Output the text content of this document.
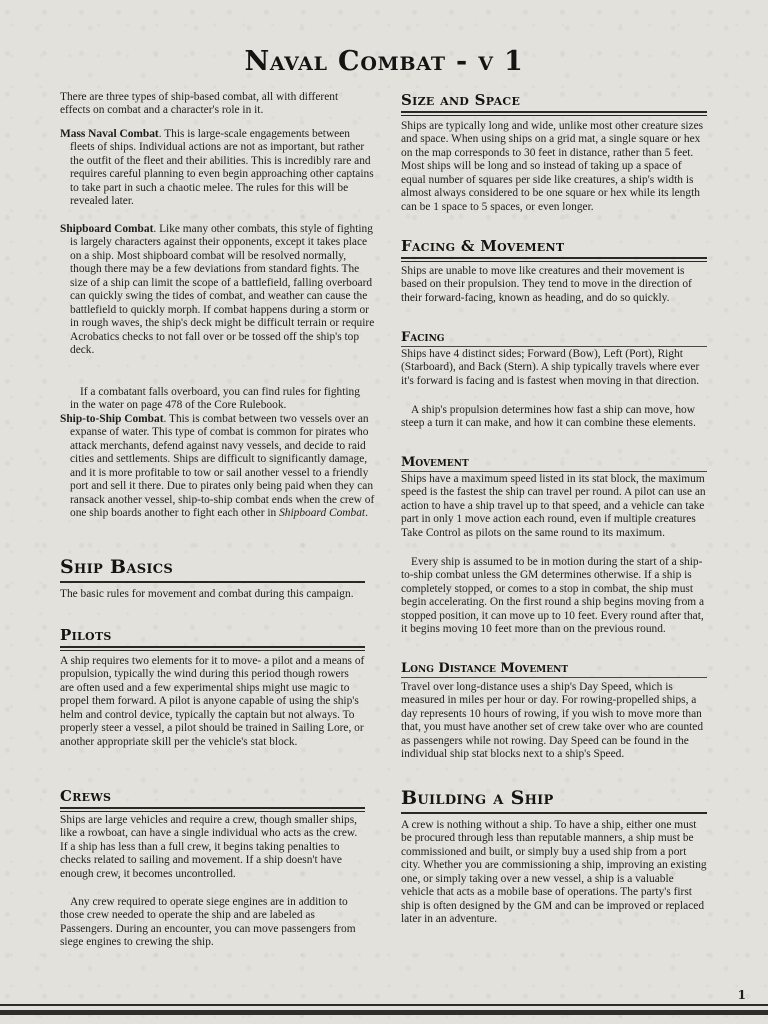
Naval Combat - v 1

There are three types of ship-based combat, all with different effects on combat and a character's role in it.

Mass Naval Combat. This is large-scale engagements between fleets of ships. Individual actions are not as important, but rather the outfit of the fleet and their abilities. This is incredibly rare and requires careful planning to even begin approaching other captains to take part in such a chaotic melee. The rules for this will be revealed later.
Shipboard Combat. Like many other combats, this style of fighting is largely characters against their opponents, except it takes place on a ship. Most shipboard combat will be resolved normally, though there may be a few deviations from standard fights. The size of a ship can limit the scope of a battlefield, falling overboard can quickly swing the tides of combat, and weather can cause the battlefield to quickly morph. If combat happens during a storm or in rough waves, the ship's deck might be difficult terrain or require Acrobatics checks to not fall over or be tossed off the ship's top deck.
If a combatant falls overboard, you can find rules for fighting in the water on page 478 of the Core Rulebook.
Ship-to-Ship Combat. This is combat between two vessels over an expanse of water. This type of combat is common for pirates who attack merchants, defend against navy vessels, and decide to raid cities and settlements. Ships are difficult to significantly damage, and it is more profitable to tow or sail another vessel to a friendly port and sell it there. Due to pirates only being paid when they can ransack another vessel, ship-to-ship combat ends when the crew of one ship boards another to fight each other in Shipboard Combat.
Ship Basics

The basic rules for movement and combat during this campaign.

Pilots

A ship requires two elements for it to move- a pilot and a means of propulsion, typically the wind during this period though rowers are often used and a few experimental ships might use magic to propel them forward. A pilot is anyone capable of using the ship's helm and control device, typically the captain but not always. To properly steer a vessel, a pilot should be trained in Sailing Lore, or another appropriate skill per the vehicle's stat block.

Crews

Ships are large vehicles and require a crew, though smaller ships, like a rowboat, can have a single individual who acts as the crew. If a ship has less than a full crew, it begins taking penalties to checks related to sailing and movement. If a ship doesn't have enough crew, it becomes uncontrolled.

Any crew required to operate siege engines are in addition to those crew needed to operate the ship and are labeled as Passengers. During an encounter, you can move passengers from siege engines to crewing the ship.

Size and Space

Ships are typically long and wide, unlike most other creature sizes and space. When using ships on a grid mat, a single square or hex on the map corresponds to 30 feet in distance, rather than 5 feet. Most ships will be long and so instead of taking up a space of equal number of squares per side like creatures, a ship's width is almost always considered to be one square or hex while its length can be 1 space to 5 spaces, or even longer.

Facing & Movement

Ships are unable to move like creatures and their movement is based on their propulsion. They tend to move in the direction of their forward-facing, known as heading, and do so quickly.

Facing

Ships have 4 distinct sides; Forward (Bow), Left (Port), Right (Starboard), and Back (Stern). A ship typically travels where ever it's forward is facing and is fastest when moving in that direction.

A ship's propulsion determines how fast a ship can move, how steep a turn it can make, and how it can combine these elements.

Movement

Ships have a maximum speed listed in its stat block, the maximum speed is the fastest the ship can travel per round. A pilot can use an action to have a ship travel up to that speed, and a vehicle can take part in only 1 move action each round, even if multiple creatures Take Control as pilots on the same round to its maximum.

Every ship is assumed to be in motion during the start of a ship-to-ship combat unless the GM determines otherwise. If a ship is completely stopped, or comes to a stop in combat, the ship must begin accelerating. On the first round a ship begins moving from a stopped position, it can move up to 10 feet. Every round after that, it begins moving 10 feet more than on the previous round.

Long Distance Movement

Travel over long-distance uses a ship's Day Speed, which is measured in miles per hour or day. For rowing-propelled ships, a day represents 10 hours of rowing, if you wish to move more than that, you must have another set of crew take over who are counted as passengers while not rowing. Day Speed can be found in the individual ship stat blocks next to a ship's Speed.

Building a Ship

A crew is nothing without a ship. To have a ship, either one must be procured through less than reputable manners, a ship must be commissioned and built, or simply buy a used ship from a port city. Whether you are commissioning a ship, improving an existing one, or simply taking over a new vessel, a ship is a valuable vehicle that acts as a mobile base of operations. The party's first ship is often designed by the GM and can be improved or replaced later in an adventure.

1
